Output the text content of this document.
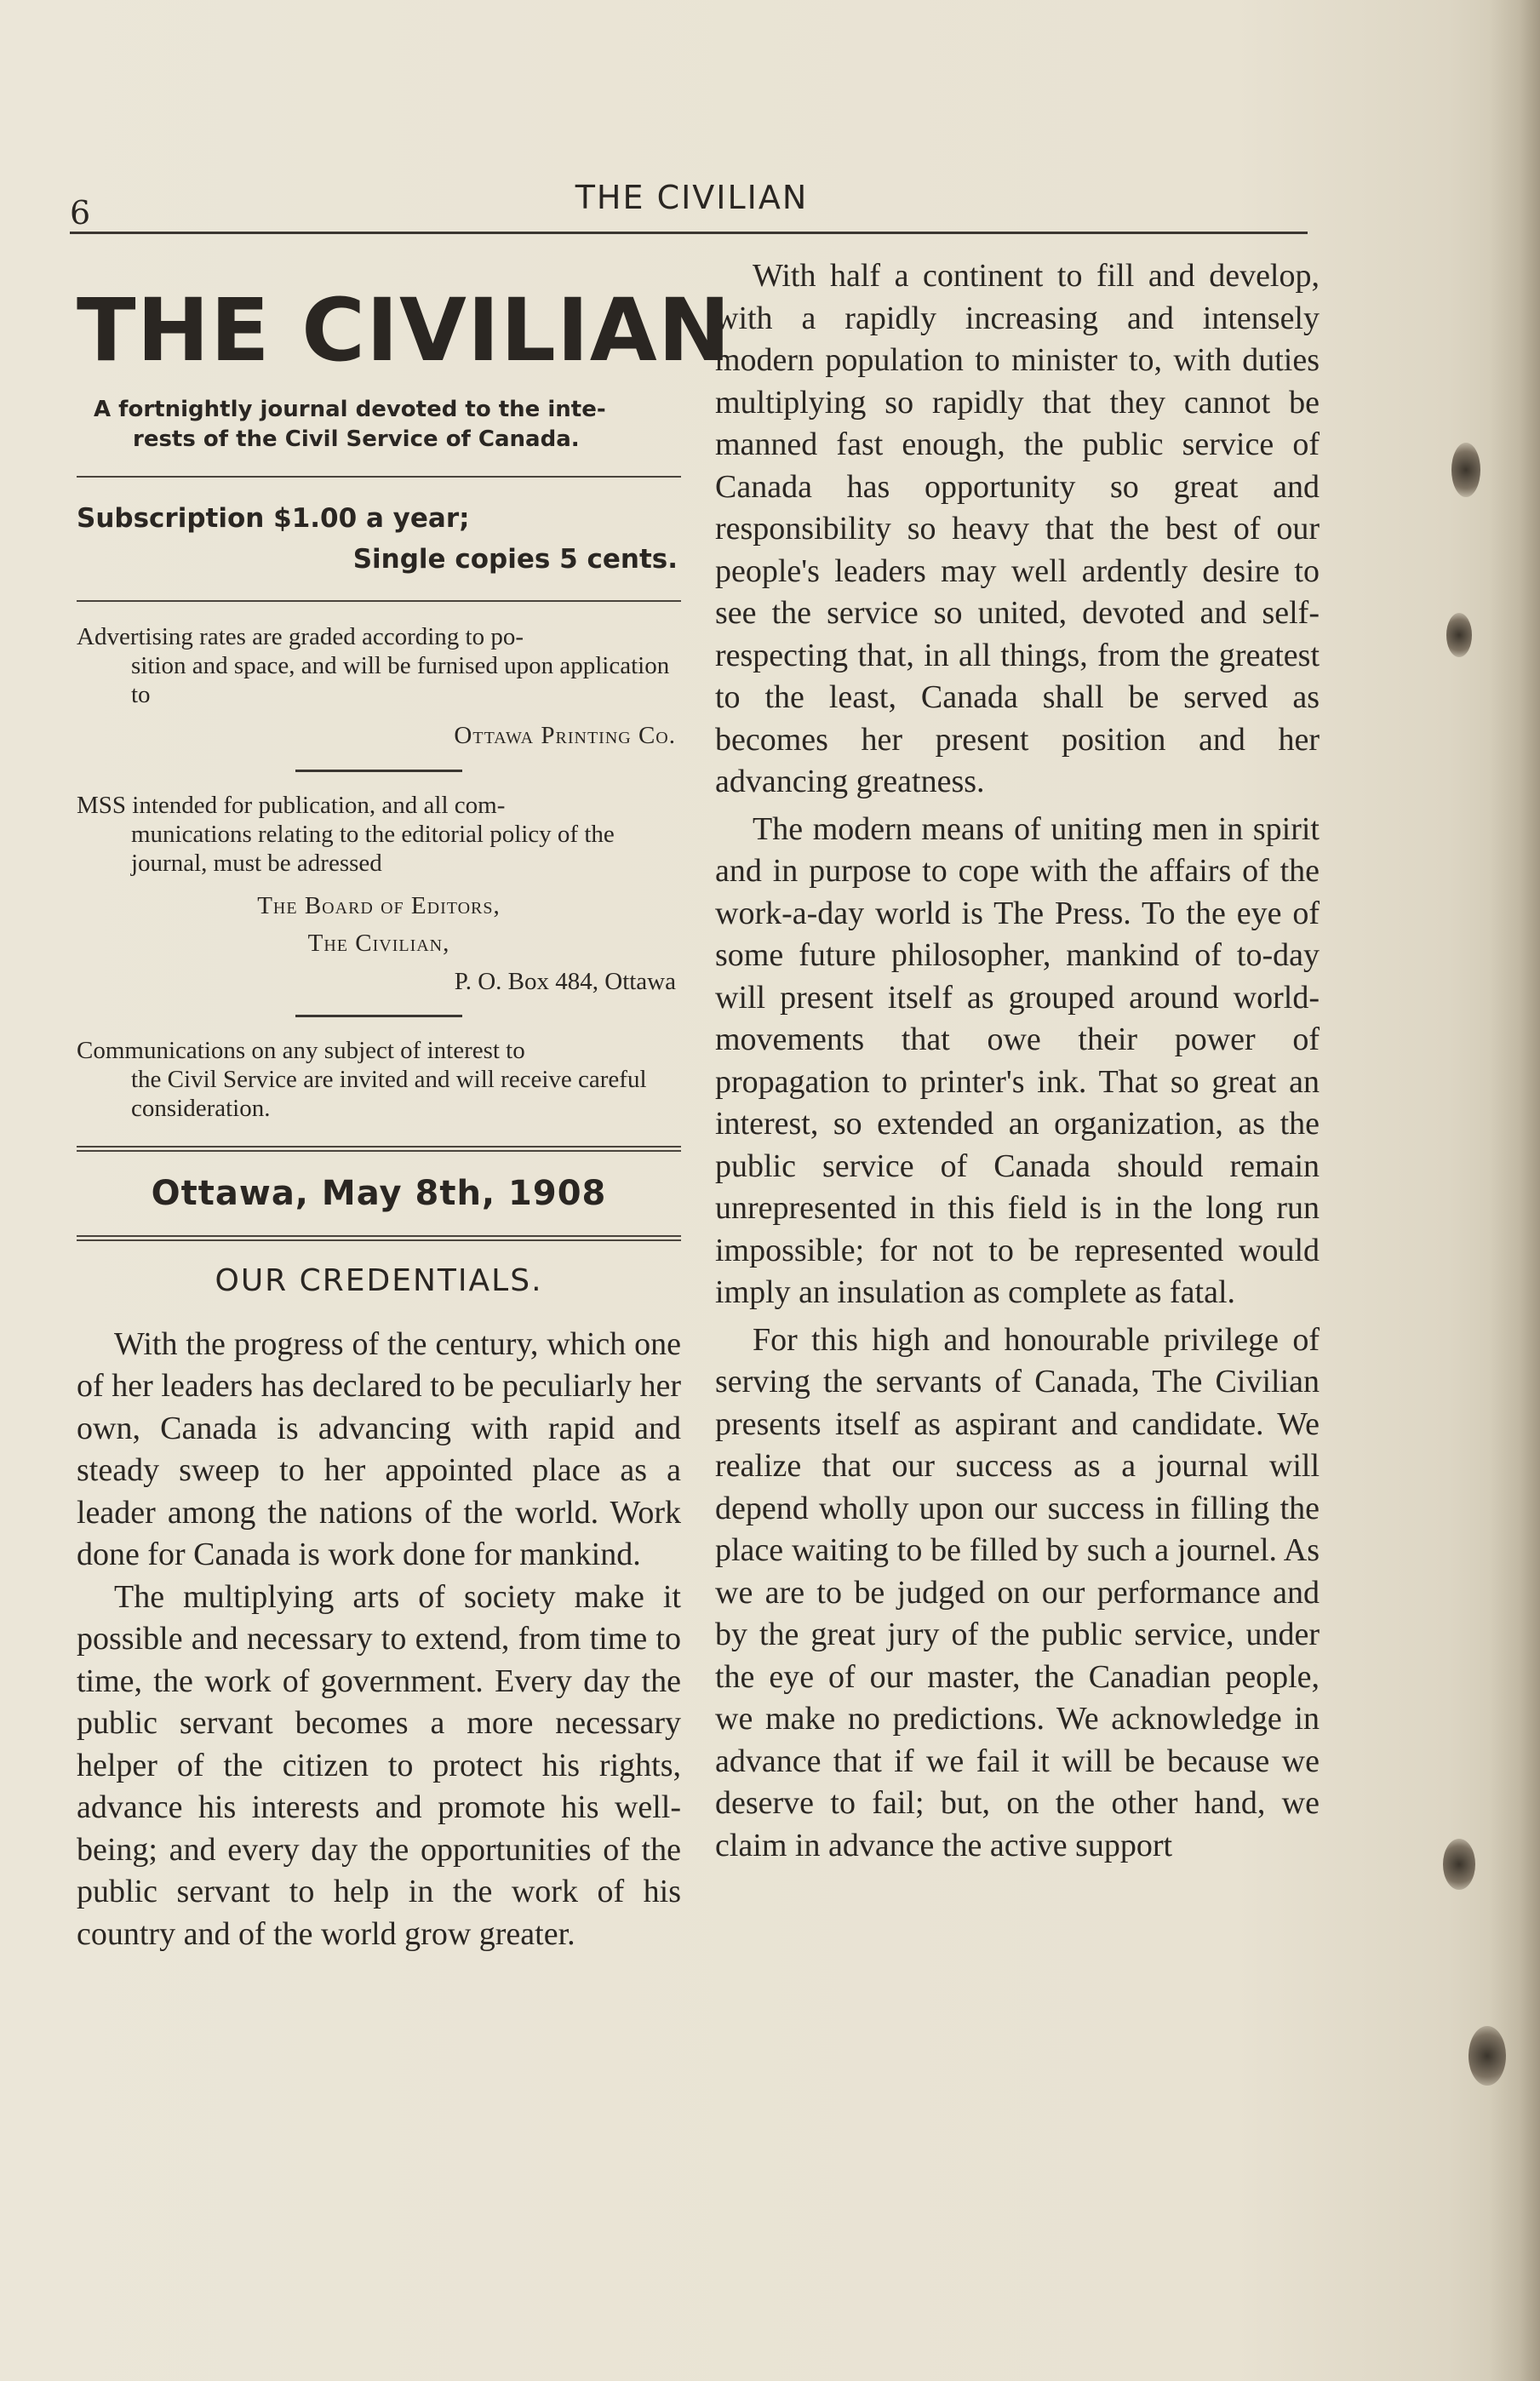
6	THE CIVILIAN
THE CIVILIAN
A fortnightly journal devoted to the inte-
rests of the Civil Service of Canada.
Subscription $1.00 a year;
Single copies 5 cents.
Advertising rates are graded according to po-
sition and space, and will be furnised upon application to
Ottawa Printing Co.
MSS intended for publication, and all com-
munications relating to the editorial policy of the journal, must be adressed
The Board of Editors,
The Civilian,
P. O. Box 484, Ottawa
Communications on any subject of interest to
the Civil Service are invited and will receive careful consideration.
Ottawa, May 8th, 1908
OUR CREDENTIALS.

With the progress of the century, which one of her leaders has declared to be peculiarly her own, Canada is advancing with rapid and steady sweep to her appointed place as a leader among the nations of the world. Work done for Canada is work done for mankind.

The multiplying arts of society make it possible and necessary to extend, from time to time, the work of government. Every day the public servant becomes a more necessary helper of the citizen to protect his rights, advance his interests and promote his well-being; and every day the opportunities of the public servant to help in the work of his country and of the world grow greater.

With half a continent to fill and develop, with a rapidly increasing and intensely modern population to minister to, with duties multiplying so rapidly that they cannot be manned fast enough, the public service of Canada has opportunity so great and responsibility so heavy that the best of our people's leaders may well ardently desire to see the service so united, devoted and self-respecting that, in all things, from the greatest to the least, Canada shall be served as becomes her present position and her advancing greatness.

The modern means of uniting men in spirit and in purpose to cope with the affairs of the work-a-day world is The Press. To the eye of some future philosopher, mankind of to-day will present itself as grouped around world-movements that owe their power of propagation to printer's ink. That so great an interest, so extended an organization, as the public service of Canada should remain unrepresented in this field is in the long run impossible; for not to be represented would imply an insulation as complete as fatal.

For this high and honourable privilege of serving the servants of Canada, The Civilian presents itself as aspirant and candidate. We realize that our success as a journal will depend wholly upon our success in filling the place waiting to be filled by such a journel. As we are to be judged on our performance and by the great jury of the public service, under the eye of our master, the Canadian people, we make no predictions. We acknowledge in advance that if we fail it will be because we deserve to fail; but, on the other hand, we claim in advance the active support
